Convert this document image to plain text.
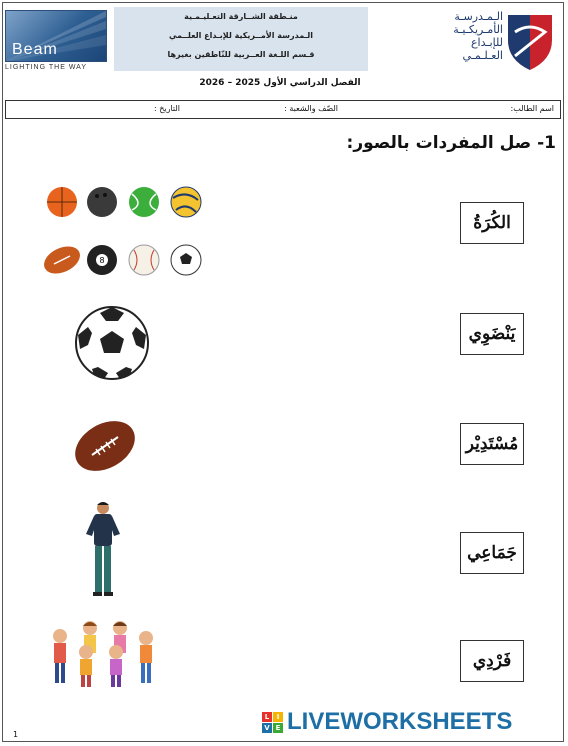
Beam
LIGHTING THE WAY
منـطقة الشــارقة التعـليـمـية
الـمدرسة الأمــريكية للإبـداع العلــمي
قـسم اللـغة العــربية للنّاطقين بغيرها
الـمـدرسـة
الأمـريكـيـة
للإبـداع
العـلـمـي
الفصل الدراسي الأول 2025 – 2026
اسم الطالب:
الصّف والشعبة :
التاريخ :
1- صل المفردات بالصور:
الكُرَةُ
يَنْضَوِي
مُسْتَدِيْر
جَمَاعِي
فَرْدِي
8
L	I
V E LIVEWORKSHEETS
1
